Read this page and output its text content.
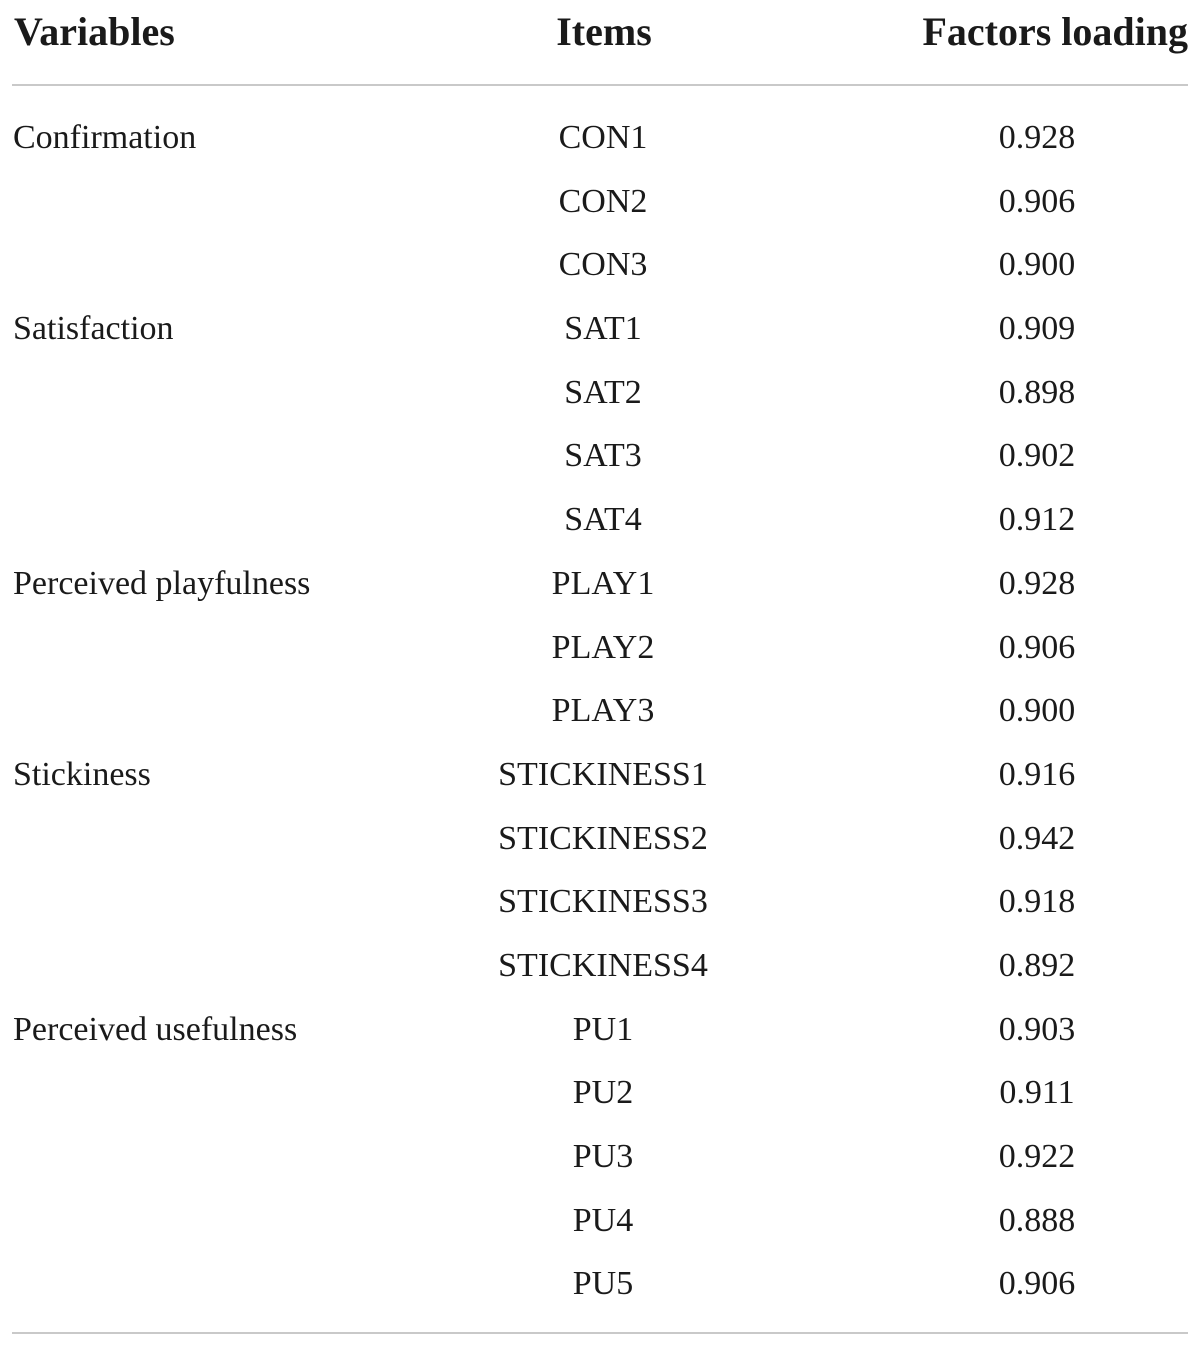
Variables	Items	Factors loading
Confirmation	CON1	0.928
CON2	0.906
CON3	0.900
Satisfaction	SAT1	0.909
SAT2	0.898
SAT3	0.902
SAT4	0.912
Perceived playfulness	PLAY1	0.928
PLAY2	0.906
PLAY3	0.900
Stickiness	STICKINESS1	0.916
STICKINESS2	0.942
STICKINESS3	0.918
STICKINESS4	0.892
Perceived usefulness	PU1	0.903
PU2	0.911
PU3	0.922
PU4	0.888
PU5	0.906
